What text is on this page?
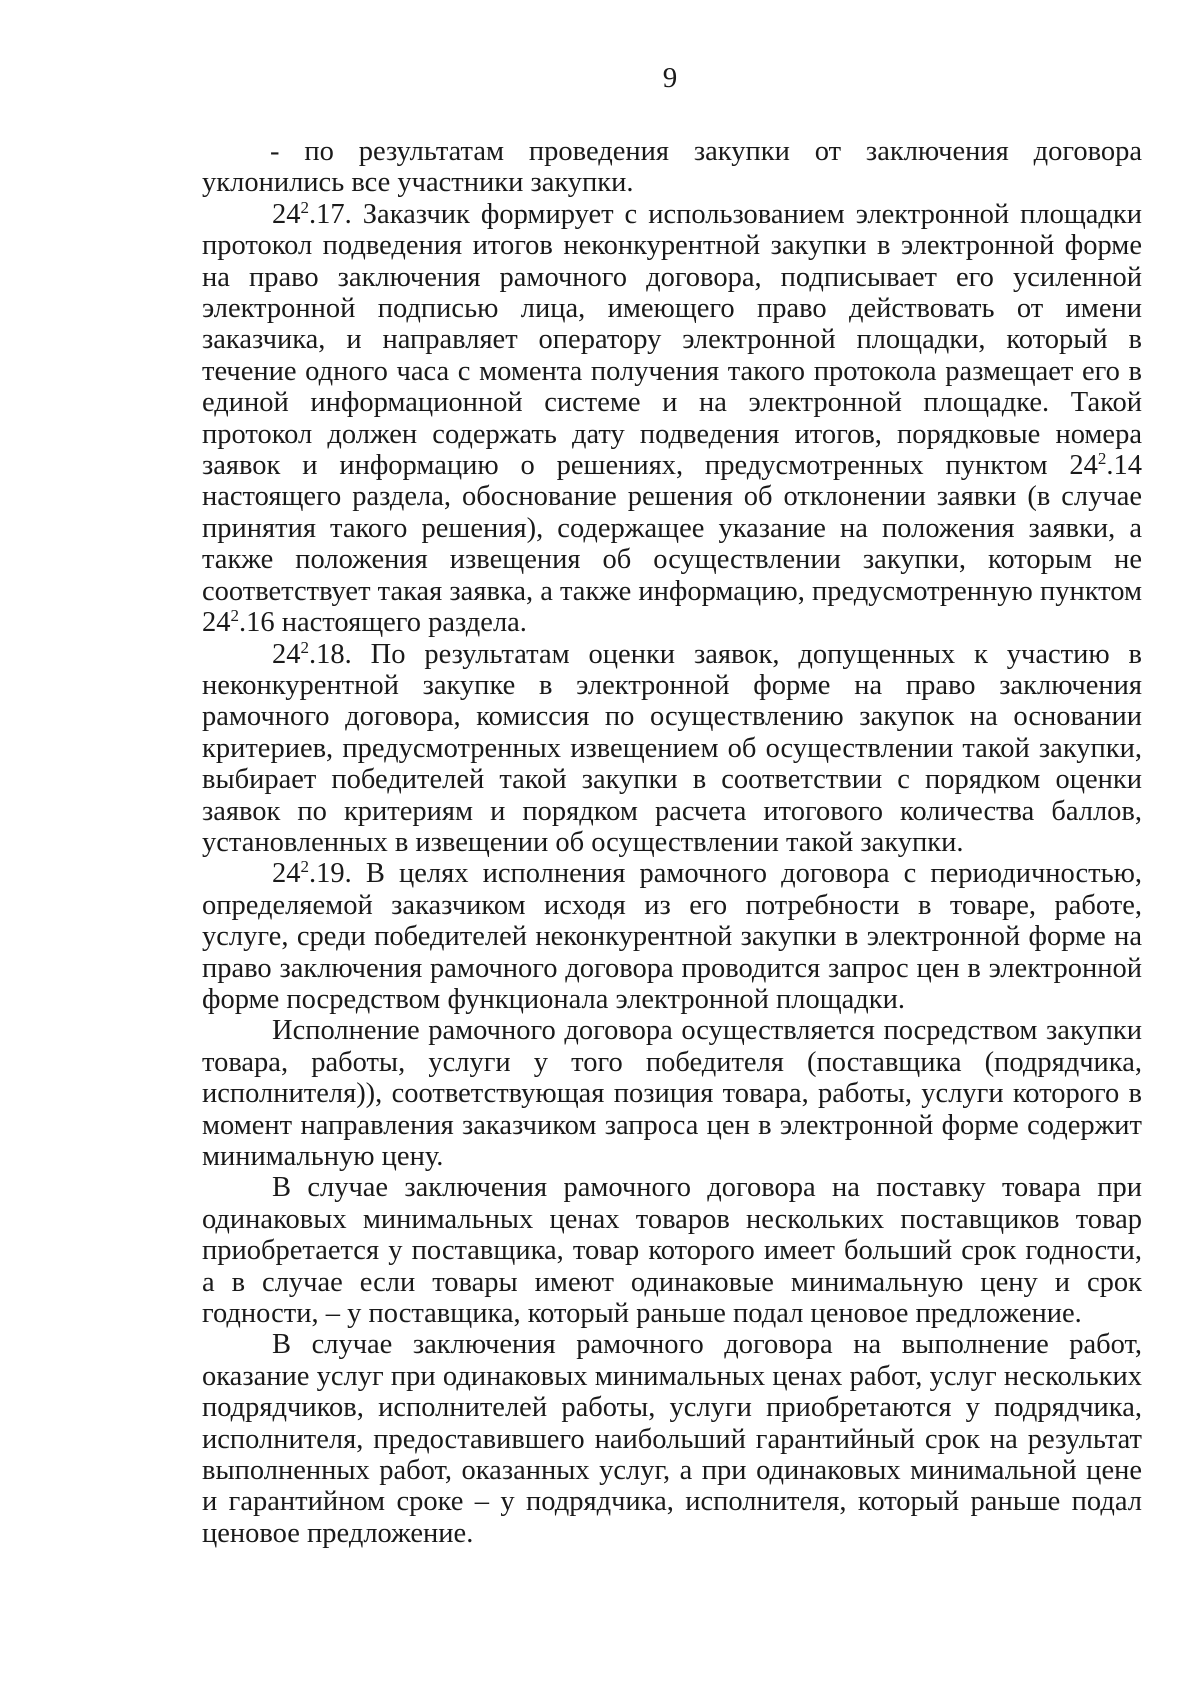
9

- по результатам проведения закупки от заключения договора уклонились все участники закупки.

24$^2$.17. Заказчик формирует с использованием электронной площадки протокол подведения итогов неконкурентной закупки в электронной форме на право заключения рамочного договора, подписывает его усиленной электронной подписью лица, имеющего право действовать от имени заказчика, и направляет оператору электронной площадки, который в течение одного часа с момента получения такого протокола размещает его в единой информационной системе и на электронной площадке. Такой протокол должен содержать дату подведения итогов, порядковые номера заявок и информацию о решениях, предусмотренных пунктом 24$^2$.14 настоящего раздела, обоснование решения об отклонении заявки (в случае принятия такого решения), содержащее указание на положения заявки, а также положения извещения об осуществлении закупки, которым не соответствует такая заявка, а также информацию, предусмотренную пунктом 24$^2$.16 настоящего раздела.

24$^2$.18. По результатам оценки заявок, допущенных к участию в неконкурентной закупке в электронной форме на право заключения рамочного договора, комиссия по осуществлению закупок на основании критериев, предусмотренных извещением об осуществлении такой закупки, выбирает победителей такой закупки в соответствии с порядком оценки заявок по критериям и порядком расчета итогового количества баллов, установленных в извещении об осуществлении такой закупки.

24$^2$.19. В целях исполнения рамочного договора с периодичностью, определяемой заказчиком исходя из его потребности в товаре, работе, услуге, среди победителей неконкурентной закупки в электронной форме на право заключения рамочного договора проводится запрос цен в электронной форме посредством функционала электронной площадки.

Исполнение рамочного договора осуществляется посредством закупки товара, работы, услуги у того победителя (поставщика (подрядчика, исполнителя)), соответствующая позиция товара, работы, услуги которого в момент направления заказчиком запроса цен в электронной форме содержит минимальную цену.

В случае заключения рамочного договора на поставку товара при одинаковых минимальных ценах товаров нескольких поставщиков товар приобретается у поставщика, товар которого имеет больший срок годности, а в случае если товары имеют одинаковые минимальную цену и срок годности, – у поставщика, который раньше подал ценовое предложение.

В случае заключения рамочного договора на выполнение работ, оказание услуг при одинаковых минимальных ценах работ, услуг нескольких подрядчиков, исполнителей работы, услуги приобретаются у подрядчика, исполнителя, предоставившего наибольший гарантийный срок на результат выполненных работ, оказанных услуг, а при одинаковых минимальной цене и гарантийном сроке – у подрядчика, исполнителя, который раньше подал ценовое предложение.
